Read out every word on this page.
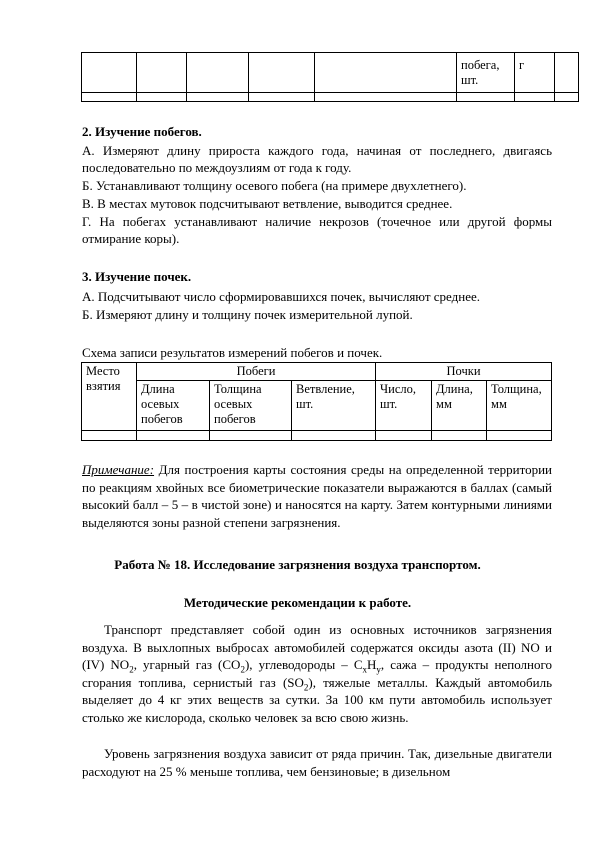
					побега, шт.	г		

2. Изучение побегов.
А. Измеряют длину прироста каждого года, начиная от последнего, двигаясь последовательно по междоузлиям от года к году.
Б. Устанавливают толщину осевого побега (на примере двухлетнего).
В. В местах мутовок подсчитывают ветвление, выводится среднее.
Г. На побегах устанавливают наличие некрозов (точечное или другой формы отмирание коры).
3. Изучение почек.
А. Подсчитывают число сформировавшихся почек, вычисляют среднее.
Б. Измеряют длину и толщину почек измерительной лупой.
Схема записи результатов измерений побегов и почек.
Место взятия	Побеги			Почки		
	Длина осевых побегов	Толщина осевых побегов	Ветвление, шт.	Число, шт.	Длина, мм	Толщина, мм

Примечание: Для построения карты состояния среды на определенной территории по реакциям хвойных все биометрические показатели выражаются в баллах (самый высокий балл – 5 – в чистой зоне) и наносятся на карту. Затем контурными линиями выделяются зоны разной степени загрязнения.
Работа № 18. Исследование загрязнения воздуха транспортом.
Методические рекомендации к работе.
Транспорт представляет собой один из основных источников загрязнения воздуха. В выхлопных выбросах автомобилей содержатся оксиды азота (II) NO и (IV) $NO_2$, угарный газ $(CO_2)$, углеводороды – $C_xH_y$, сажа – продукты неполного сгорания топлива, сернистый газ $(SO_2)$, тяжелые металлы. Каждый автомобиль выделяет до 4 кг этих веществ за сутки. За 100 км пути автомобиль использует столько же кислорода, сколько человек за всю свою жизнь.
Уровень загрязнения воздуха зависит от ряда причин. Так, дизельные двигатели расходуют на 25 % меньше топлива, чем бензиновые; в дизельном
